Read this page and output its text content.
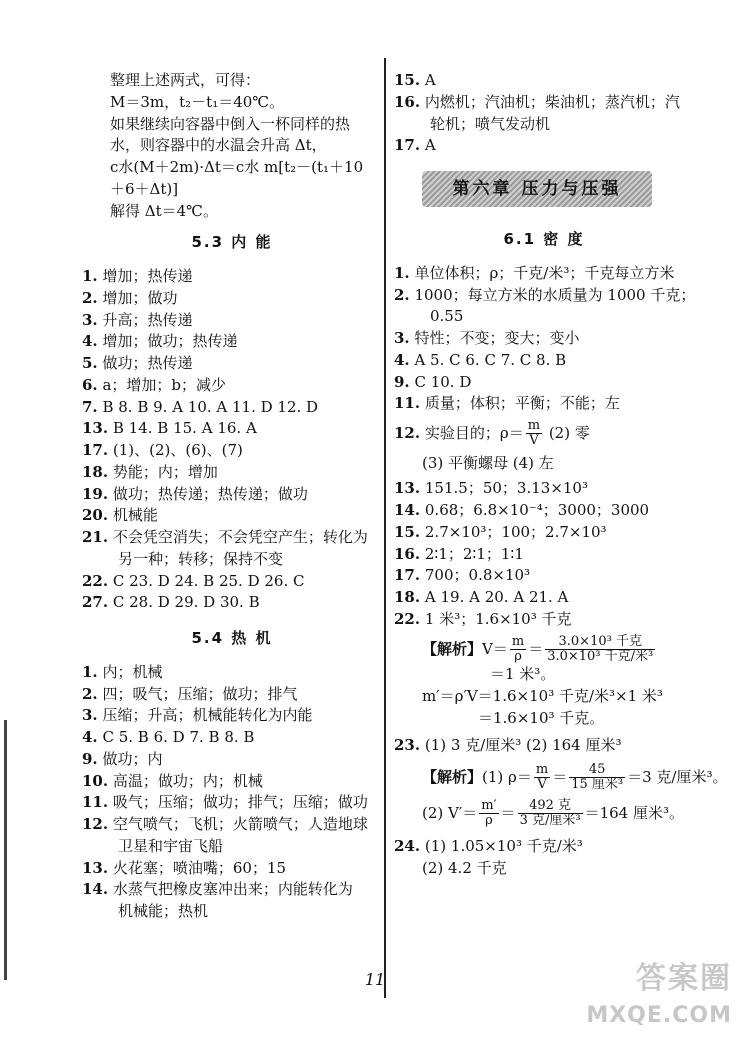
整理上述两式，可得：

M＝3m，t₂－t₁＝40℃。

如果继续向容器中倒入一杯同样的热

水，则容器中的水温会升高 Δt，

c水(M＋2m)·Δt＝c水 m[t₂－(t₁＋10

＋6＋Δt)]

解得 Δt＝4℃。

5.3 内 能

1. 增加；热传递

2. 增加；做功

3. 升高；热传递

4. 增加；做功；热传递

5. 做功；热传递

6. a；增加；b；减少

7. B 8. B 9. A 10. A 11. D 12. D

13. B 14. B 15. A 16. A

17. (1)、(2)、(6)、(7)

18. 势能；内；增加

19. 做功；热传递；热传递；做功

20. 机械能

21. 不会凭空消失；不会凭空产生；转化为

另一种；转移；保持不变

22. C 23. D 24. B 25. D 26. C

27. C 28. D 29. D 30. B

5.4 热 机

1. 内；机械

2. 四；吸气；压缩；做功；排气

3. 压缩；升高；机械能转化为内能

4. C 5. B 6. D 7. B 8. B

9. 做功；内

10. 高温；做功；内；机械

11. 吸气；压缩；做功；排气；压缩；做功

12. 空气喷气；飞机；火箭喷气；人造地球

卫星和宇宙飞船

13. 火花塞；喷油嘴；60；15

14. 水蒸气把橡皮塞冲出来；内能转化为

机械能；热机

15. A

16. 内燃机；汽油机；柴油机；蒸汽机；汽

轮机；喷气发动机

17. A

第六章 压力与压强
6.1 密 度

1. 单位体积；ρ；千克/米³；千克每立方米

2. 1000；每立方米的水质量为 1000 千克；

0.55

3. 特性；不变；变大；变小

4. A 5. C 6. C 7. C 8. B

9. C 10. D

11. 质量；体积；平衡；不能；左

12. 实验目的；$\rho= \frac{m}{V} (2)$ 零

(3) 平衡螺母 (4) 左

13. 151.5；50；3.13×10³

14. 0.68；6.8×10⁻⁴；3000；3000

15. 2.7×10³；100；2.7×10³

16. 2∶1；2∶1；1∶1

17. 700；0.8×10³

18. A 19. A 20. A 21. A

22. 1 米³；1.6×10³ 千克

【解析】$V= \frac{m}{\rho} = \frac{\text{3.0×10³ 千克}}{\text{3.0×10³ 千克/米³}}$

＝1 米³。

m′＝ρ′V＝1.6×10³ 千克/米³×1 米³

＝1.6×10³ 千克。

23. (1) 3 克/厘米³ (2) 164 厘米³

【解析】(1) $\rho= \frac{m}{V} = \frac{45}{\text{15 厘米³}} =3$ 克/厘米³。

(2) $V'= \frac{m'}{\rho} = \frac{\text{492 克}}{\text{3 克/厘米³}} =164$ 厘米³。

24. (1) 1.05×10³ 千克/米³

(2) 4.2 千克

11	答案圈
MXQE.COM
